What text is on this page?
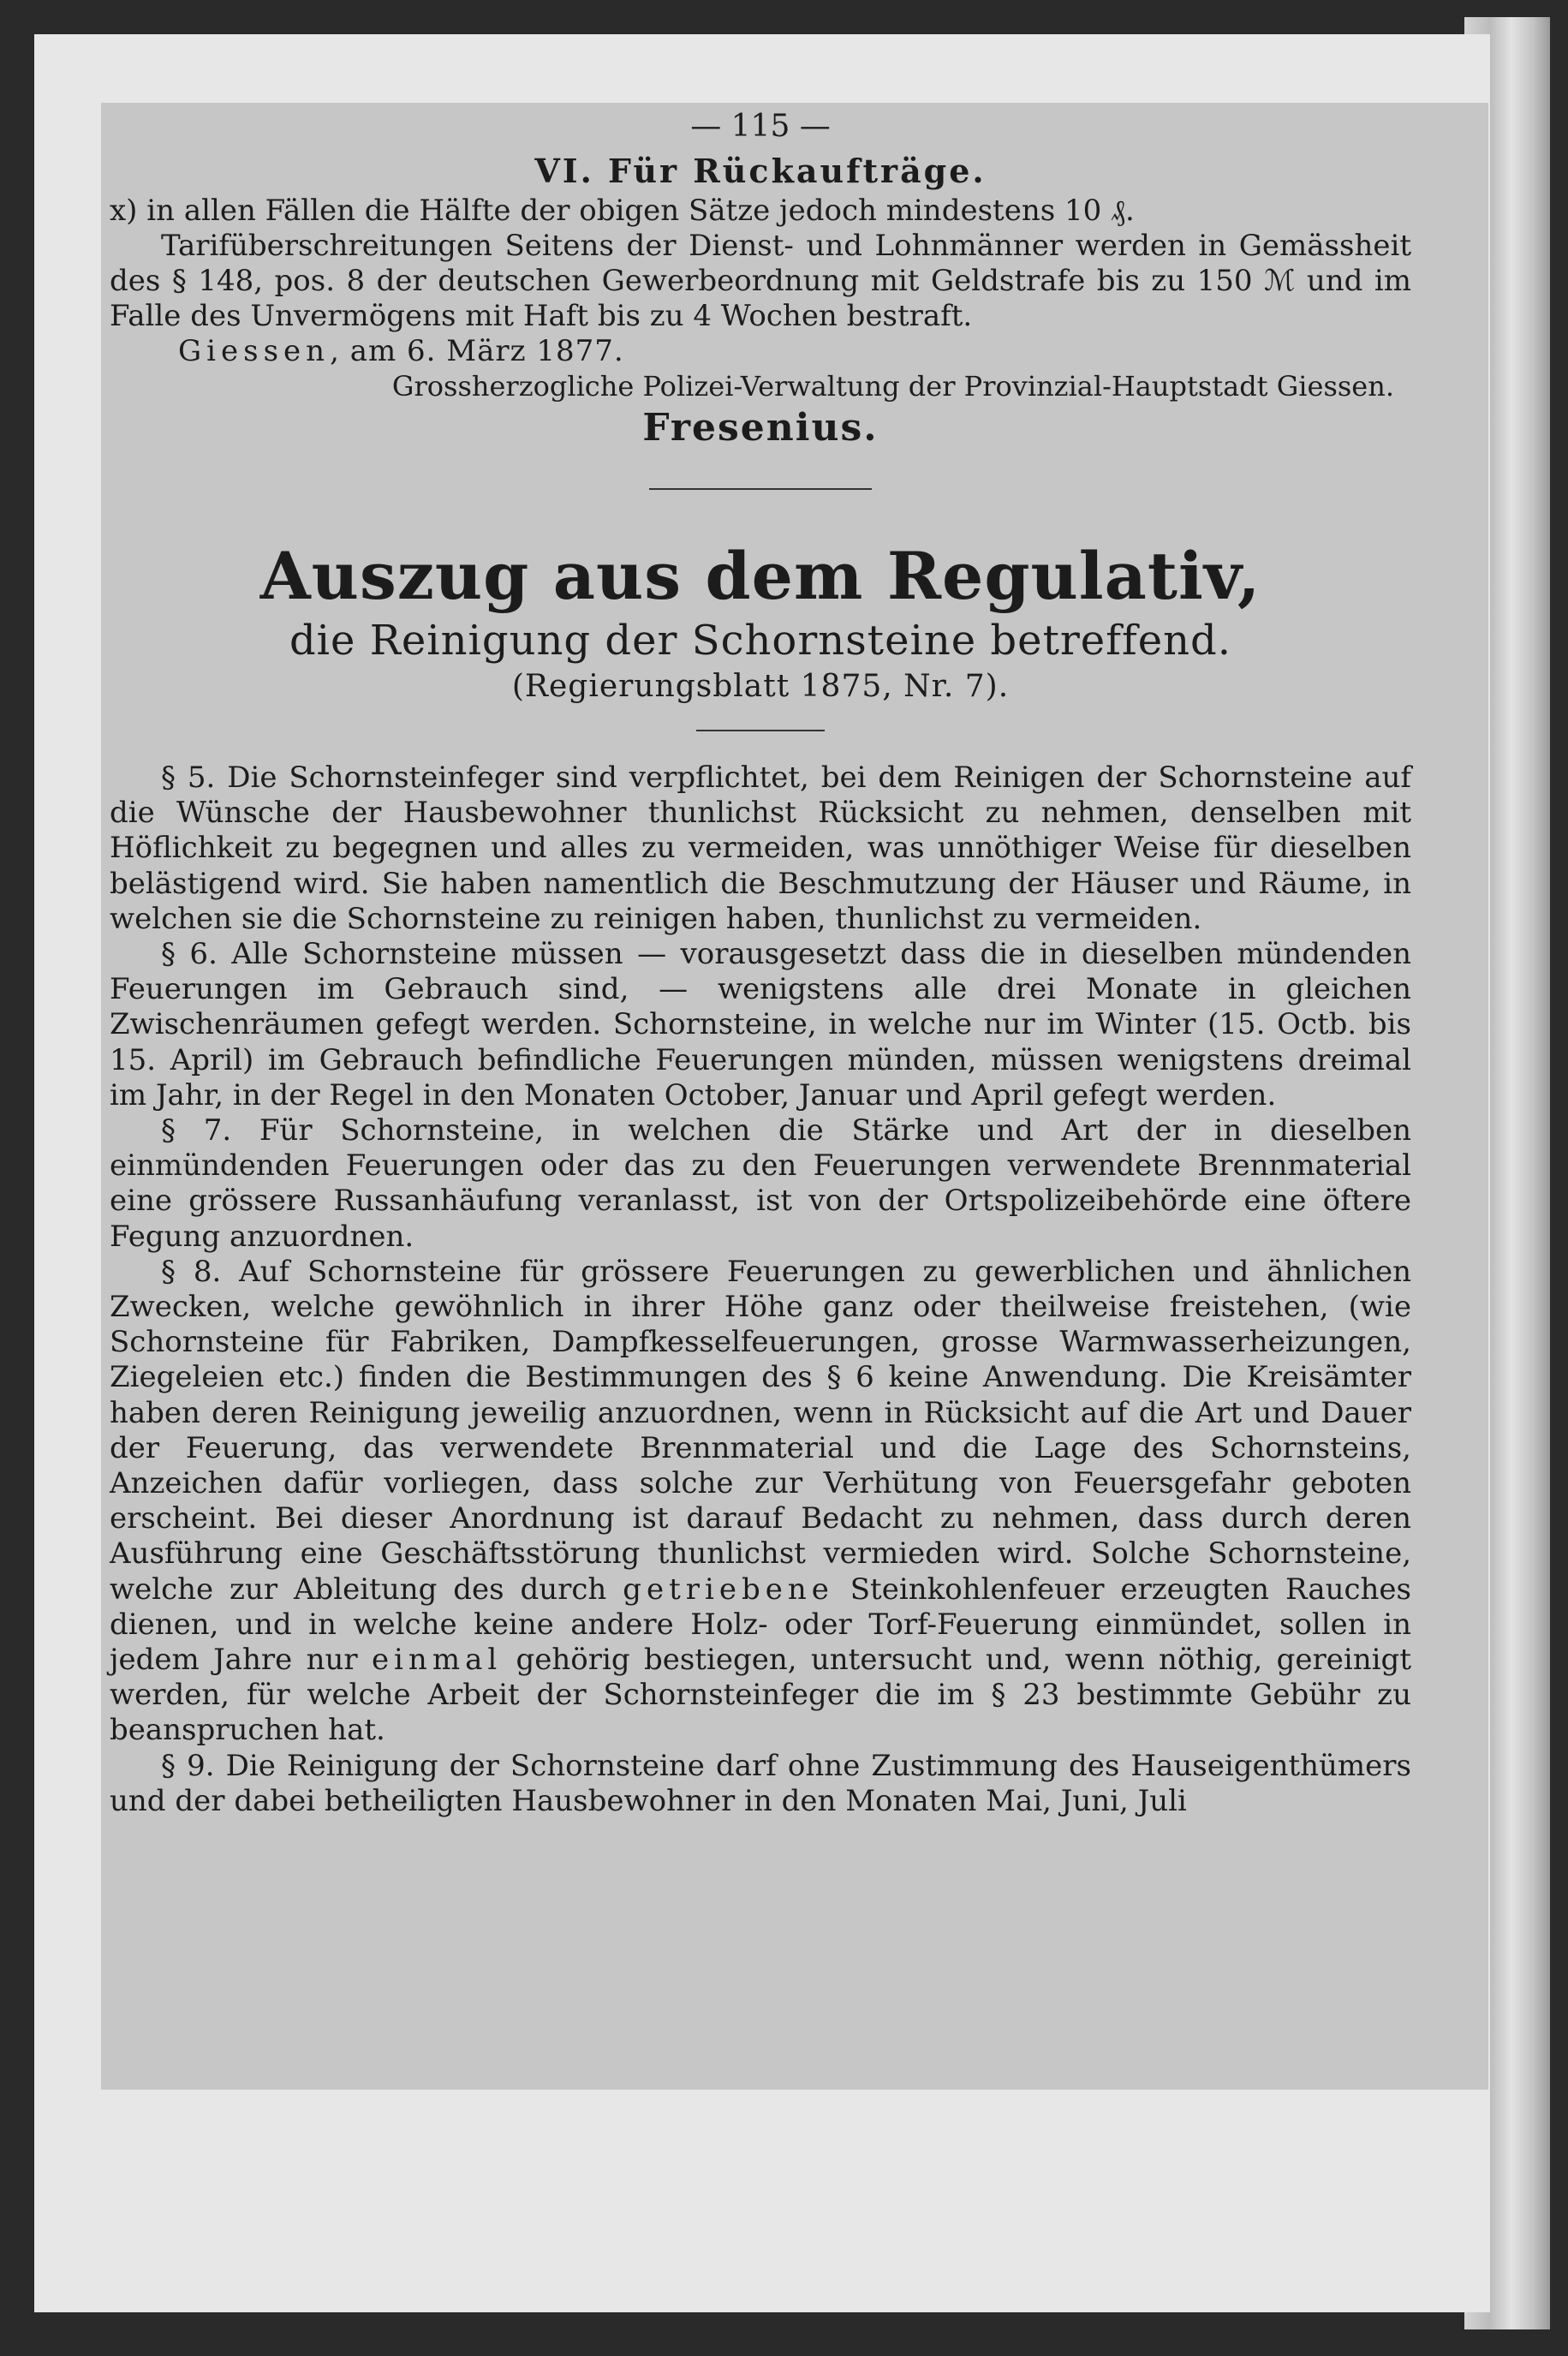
— 115 —
VI. Für Rückaufträge.
x) in allen Fällen die Hälfte der obigen Sätze jedoch mindestens 10 ₰.

Tarifüberschreitungen Seitens der Dienst- und Lohnmänner werden in Gemässheit des § 148, pos. 8 der deutschen Gewerbeordnung mit Geldstrafe bis zu 150 ℳ und im Falle des Unvermögens mit Haft bis zu 4 Wochen bestraft.

Giessen, am 6. März 1877.
Grossherzogliche Polizei-Verwaltung der Provinzial-Hauptstadt Giessen.
Fresenius.
Auszug aus dem Regulativ,
die Reinigung der Schornsteine betreffend.
(Regierungsblatt 1875, Nr. 7).

§ 5. Die Schornsteinfeger sind verpflichtet, bei dem Reinigen der Schornsteine auf die Wünsche der Hausbewohner thunlichst Rücksicht zu nehmen, denselben mit Höflichkeit zu begegnen und alles zu vermeiden, was unnöthiger Weise für dieselben belästigend wird. Sie haben namentlich die Beschmutzung der Häuser und Räume, in welchen sie die Schornsteine zu reinigen haben, thunlichst zu vermeiden.

§ 6. Alle Schornsteine müssen — vorausgesetzt dass die in dieselben mündenden Feuerungen im Gebrauch sind, — wenigstens alle drei Monate in gleichen Zwischenräumen gefegt werden. Schornsteine, in welche nur im Winter (15. Octb. bis 15. April) im Gebrauch befindliche Feuerungen münden, müssen wenigstens dreimal im Jahr, in der Regel in den Monaten October, Januar und April gefegt werden.

§ 7. Für Schornsteine, in welchen die Stärke und Art der in dieselben einmündenden Feuerungen oder das zu den Feuerungen verwendete Brennmaterial eine grössere Russanhäufung veranlasst, ist von der Ortspolizeibehörde eine öftere Fegung anzuordnen.

§ 8. Auf Schornsteine für grössere Feuerungen zu gewerblichen und ähnlichen Zwecken, welche gewöhnlich in ihrer Höhe ganz oder theilweise freistehen, (wie Schornsteine für Fabriken, Dampfkesselfeuerungen, grosse Warmwasserheizungen, Ziegeleien etc.) finden die Bestimmungen des § 6 keine Anwendung. Die Kreisämter haben deren Reinigung jeweilig anzuordnen, wenn in Rücksicht auf die Art und Dauer der Feuerung, das verwendete Brennmaterial und die Lage des Schornsteins, Anzeichen dafür vorliegen, dass solche zur Verhütung von Feuersgefahr geboten erscheint. Bei dieser Anordnung ist darauf Bedacht zu nehmen, dass durch deren Ausführung eine Geschäftsstörung thunlichst vermieden wird. Solche Schornsteine, welche zur Ableitung des durch getriebene Steinkohlenfeuer erzeugten Rauches dienen, und in welche keine andere Holz- oder Torf-Feuerung einmündet, sollen in jedem Jahre nur einmal gehörig bestiegen, untersucht und, wenn nöthig, gereinigt werden, für welche Arbeit der Schornsteinfeger die im § 23 bestimmte Gebühr zu beanspruchen hat.

§ 9. Die Reinigung der Schornsteine darf ohne Zustimmung des Hauseigenthümers und der dabei betheiligten Hausbewohner in den Monaten Mai, Juni, Juli
